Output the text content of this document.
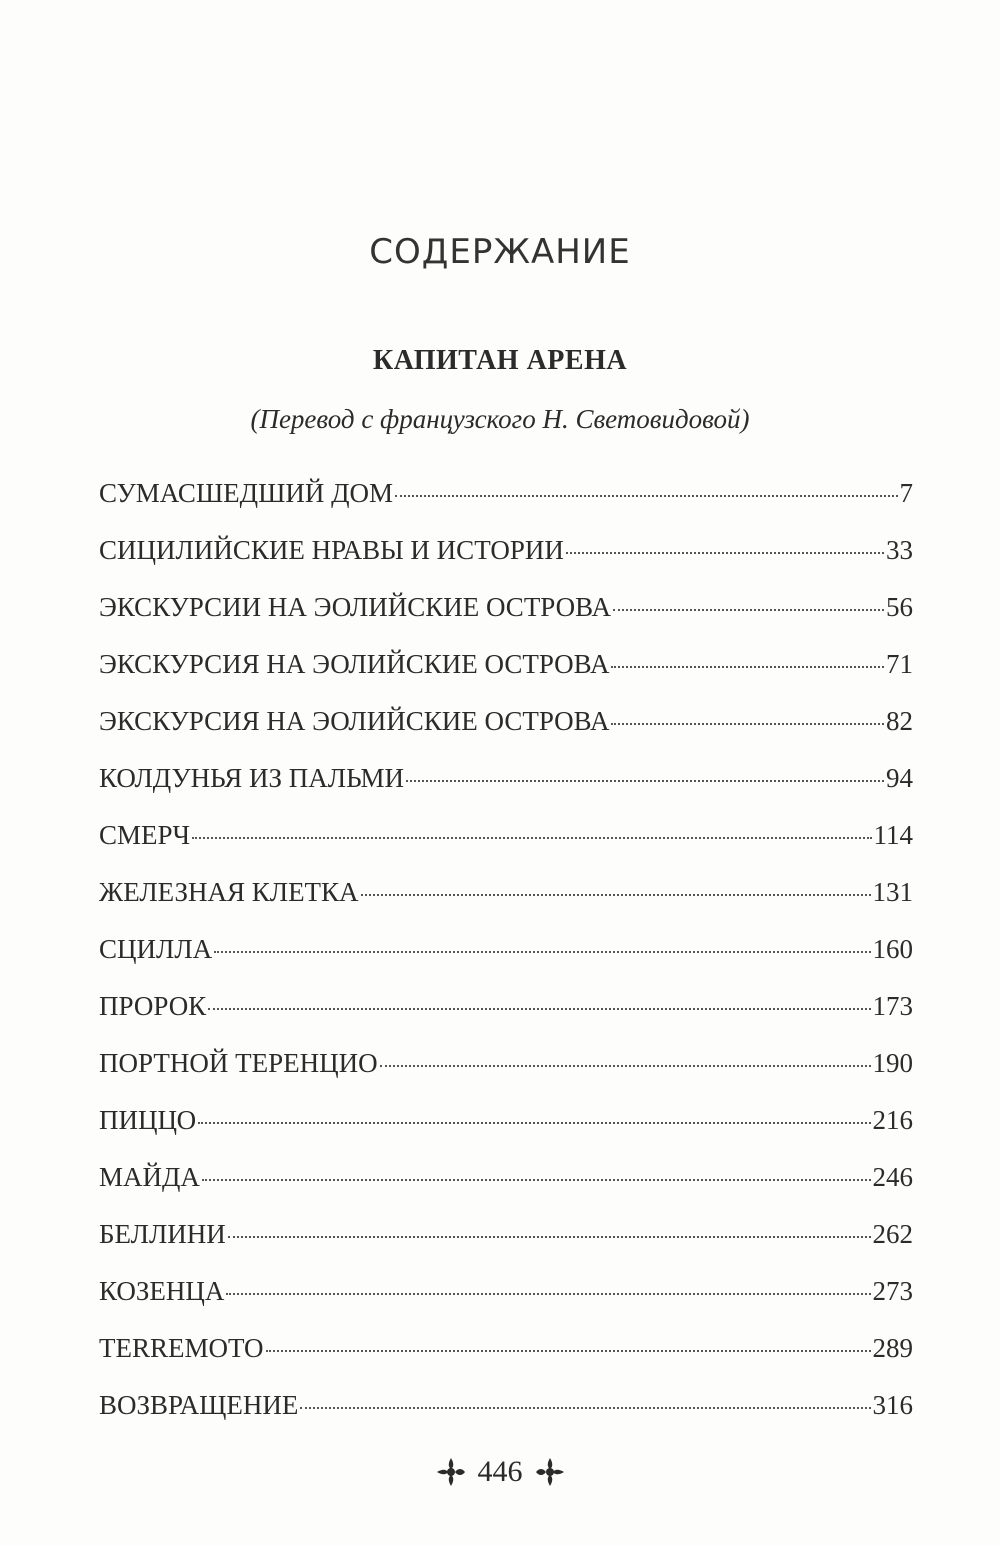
СОДЕРЖАНИЕ
КАПИТАН АРЕНА

(Перевод с французского Н. Световидовой)

СУМАСШЕДШИЙ ДОМ	7
СИЦИЛИЙСКИЕ НРАВЫ И ИСТОРИИ	33
ЭКСКУРСИИ НА ЭОЛИЙСКИЕ ОСТРОВА	56
ЭКСКУРСИЯ НА ЭОЛИЙСКИЕ ОСТРОВА	71
ЭКСКУРСИЯ НА ЭОЛИЙСКИЕ ОСТРОВА	82
КОЛДУНЬЯ ИЗ ПАЛЬМИ	94
СМЕРЧ	114
ЖЕЛЕЗНАЯ КЛЕТКА	131
СЦИЛЛА	160
ПРОРОК	173
ПОРТНОЙ ТЕРЕНЦИО	190
ПИЦЦО	216
МАЙДА	246
БЕЛЛИНИ	262
КОЗЕНЦА	273
TERREMOTO	289
ВОЗВРАЩЕНИЕ	316
446
